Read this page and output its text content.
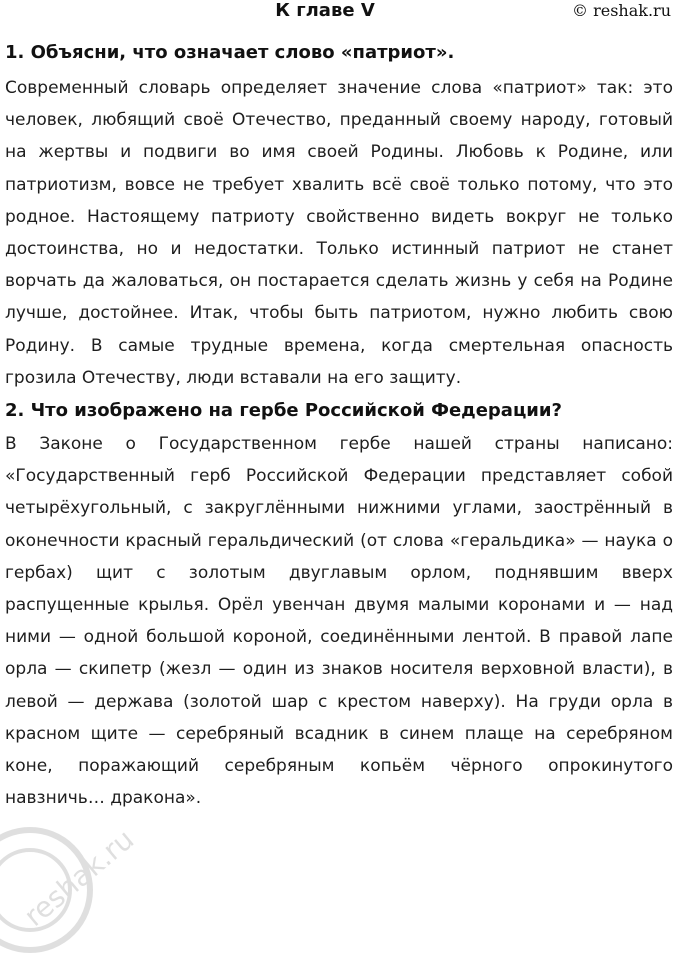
К главе V	© reshak.ru
1. Объясни, что означает слово «патриот».

Современный словарь определяет значение слова «патриот» так: это человек, любящий своё Отечество, преданный своему народу, готовый на жертвы и подвиги во имя своей Родины. Любовь к Родине, или патриотизм, вовсе не требует хвалить всё своё только потому, что это родное. Настоящему патриоту свойственно видеть вокруг не только достоинства, но и недостатки. Только истинный патриот не станет ворчать да жаловаться, он постарается сделать жизнь у себя на Родине лучше, достойнее. Итак, чтобы быть патриотом, нужно любить свою Родину. В самые трудные времена, когда смертельная опасность грозила Отечеству, люди вставали на его защиту.

2. Что изображено на гербе Российской Федерации?

В Законе о Государственном гербе нашей страны написано: «Государственный герб Российской Федерации представляет собой четырёхугольный, с закруглёнными нижними углами, заострённый в оконечности красный геральдический (от слова «геральдика» — наука о гербах) щит с золотым двуглавым орлом, поднявшим вверх распущенные крылья. Орёл увенчан двумя малыми коронами и — над ними — одной большой короной, соединёнными лентой. В правой лапе орла — скипетр (жезл — один из знаков носителя верховной власти), в левой — держава (золотой шар с крестом наверху). На груди орла в красном щите — серебряный всадник в синем плаще на серебряном коне, поражающий серебряным копьём чёрного опрокинутого навзничь… дракона».

reshak.ru
